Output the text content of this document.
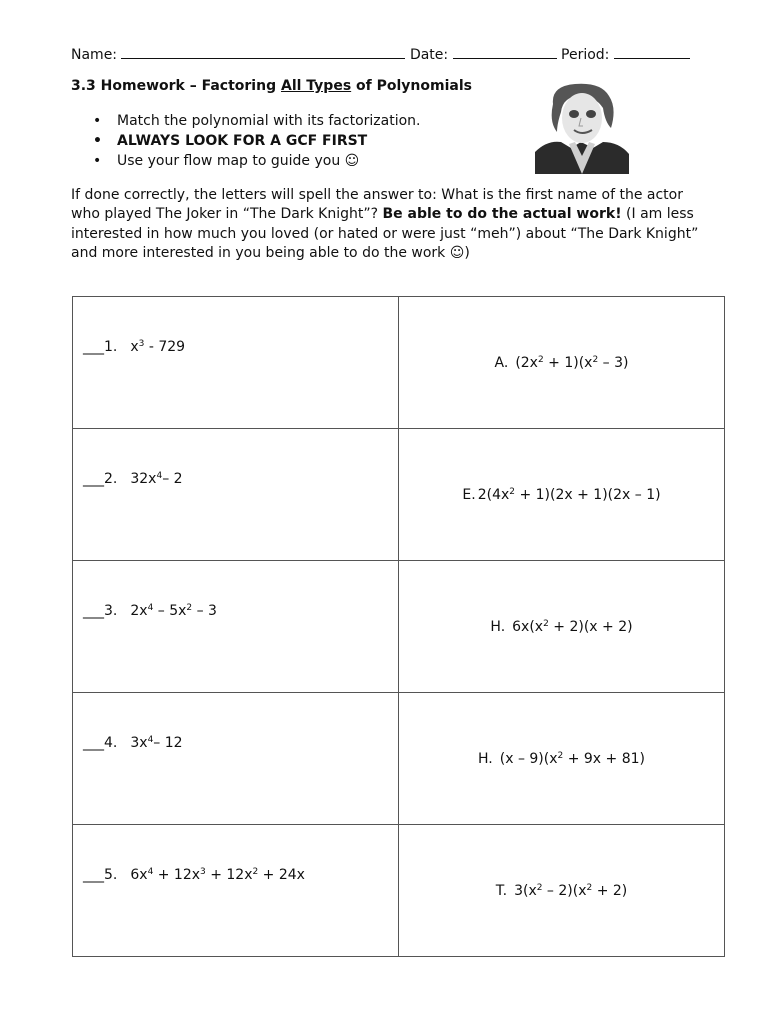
Name:	Date:	Period:
3.3 Homework – Factoring All Types of Polynomials
• Match the polynomial with its factorization.
• ALWAYS LOOK FOR A GCF FIRST
• Use your flow map to guide you ☺

If done correctly, the letters will spell the answer to: What is the first name of the actor who played The Joker in “The Dark Knight”? Be able to do the actual work! (I am less interested in how much you loved (or hated or were just “meh”) about “The Dark Knight” and more interested in you being able to do the work ☺)

___1. $x^3 - 729$	A. $(2x^2 + 1)(x^2 - 3)$

___2. $32x^4-$ 2	E. $2(4x^2 + 1)(2x + 1)(2x - 1)$

___3. $2x^4 - 5x^2 - 3$	H. $6x(x^2 + 2)(x + 2)$

___4. $3x^4-$ 12	H. $(x - 9)(x^2 + 9x + 81)$

___5. $6x^4 + 12x^3 + 12x^2 + 24x$	T. $3(x^2 - 2)(x^2 + 2)$
